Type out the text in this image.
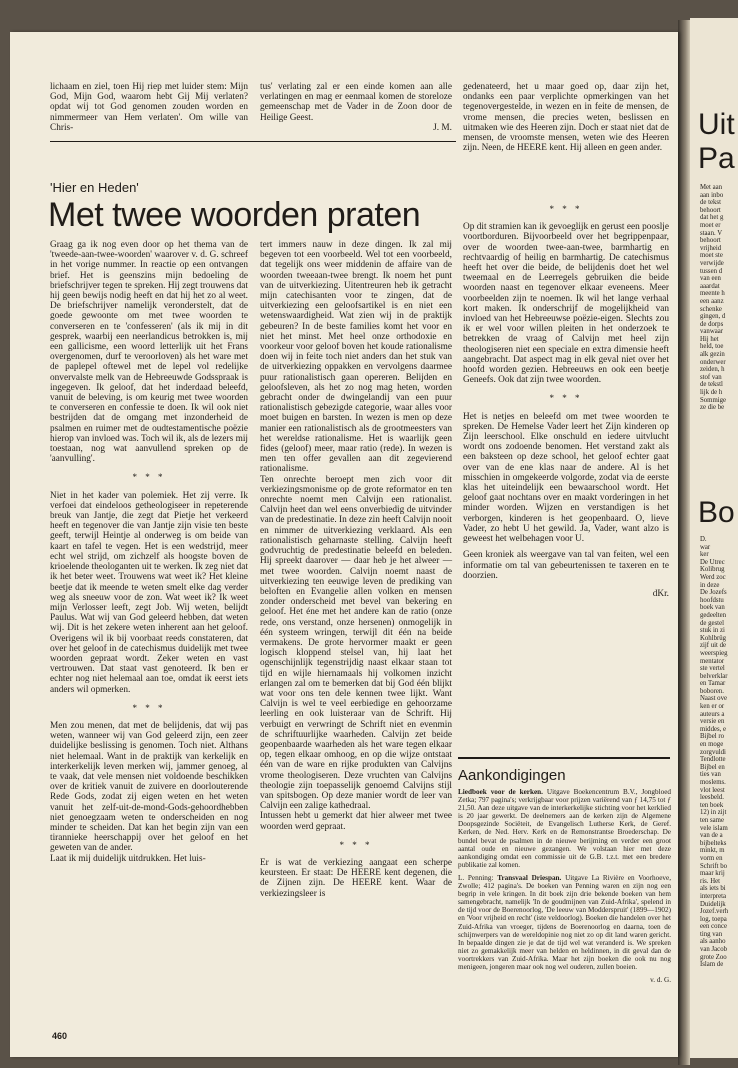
Uit
Pa
Met aan
aan inbo
de tekst
behoort
dat het g
moet er
staan. V
behoort
vrijheid
moet ste
verwijde
tussen d
van een
aaardat
meente h
een aanz
schenke
gingen, d
de dorps
vanwaar
Hij het
held, toe
alk gezin
onderwer
zeiden, h
stof van
de tekstl
lijk de h
Sommige
ze die be
Bo
D.
war
ker
De Utrec
Kolibrug
Werd zoc
in deze
De Jozefs
hoofdstu
boek van
gedeelten
de gestel
stuk in zi
Kohlbrüg
zijf uit de
weerspieg
mentator
ste vertel
belverklar
en Tamar
boboren.
Naast ove
ken er or
auteurs a
versie en
middes, e
Bijbel ro
en moge
zorgvuldi
Tendlotte
Bijbel en
ties van
moslems.
vlot leest
leesbeld.
ten boek
12) in zijt
ten same
vele islam
van de a
bijbelteks
minkt, m
vorm en
Schrift bo
maar krij
ris. Het
als iets bi
interpreta
Duidelijk
Jozef.verh
log, toepa
een conce
ting van
als aanho
van Jacob
grote Zoo
Islam de
lichaam en ziel, toen Hij riep met luider stem: Mijn God, Mijn God, waarom hebt Gij Mij verlaten? opdat wij tot God genomen zouden worden en nimmermeer van Hem verlaten'. Om wille van Chris-
tus' verlating zal er een einde komen aan alle verlatingen en mag er eenmaal komen de storeloze gemeenschap met de Vader in de Zoon door de Heilige Geest.
J. M.
gedenateerd, het u maar goed op, daar zijn het, ondanks een paar verplichte opmerkingen van het tegenovergestelde, in wezen en in feite de mensen, de vrome mensen, die precies weten, beslissen en uitmaken wie des Heeren zijn. Doch er staat niet dat de mensen, de vroomste mensen, weten wie des Heeren zijn. Neen, de HEERE kent. Hij alleen en geen ander.
'Hier en Heden'
Met twee woorden praten

Graag ga ik nog even door op het thema van de 'tweede-aan-twee-woorden' waarover v. d. G. schreef in het vorige nummer. In reactie op een ontvangen brief. Het is geenszins mijn bedoeling de briefschrijver tegen te spreken. Hij zegt trouwens dat hij geen bewijs nodig heeft en dat hij het zo al weet. De briefschrijver namelijk veronderstelt, dat de goede gewoonte om met twee woorden te converseren en te 'confesseren' (als ik mij in dit gesprek, waarbij een neerlandicus betrokken is, mij een gallicisme, een woord letterlijk uit het Frans overgenomen, durf te veroorloven) als het ware met de paplepel oftewel met de lepel vol redelijke onvervalste melk van de Hebreeuwde Godsspraak is ingegeven. Ik geloof, dat het inderdaad beleefd, vanuit de beleving, is om keurig met twee woorden te converseren en confessie te doen. Ik wil ook niet bestrijden dat de omgang met inzonderheid de psalmen en ruimer met de oudtestamentische poëzie hierop van invloed was. Toch wil ik, als de lezers mij toestaan, nog wat aanvullend spreken op de 'aanvulling'.

* * *

Niet in het kader van polemiek. Het zij verre. Ik verfoei dat eindeloos getheologiseer in repeterende breuk van Jantje, die zegt dat Pietje het verkeerd heeft en tegenover die van Jantje zijn visie ten beste geeft, terwijl Heintje al onderweg is om beide van kaart en tafel te vegen. Het is een wedstrijd, meer echt wel strijd, om zichzelf als hoogste boven de krioelende theologanten uit te werken. Ik zeg niet dat ik het beter weet. Trouwens wat weet ik? Het kleine beetje dat ik meende te weten smelt elke dag verder weg als sneeuw voor de zon. Wat weet ik? Ik weet mijn Verlosser leeft, zegt Job. Wij weten, belijdt Paulus. Wat wij van God geleerd hebben, dat weten wij. Dit is het zekere weten inherent aan het geloof. Overigens wil ik bij voorbaat reeds constateren, dat over het geloof in de catechismus duidelijk met twee woorden gepraat wordt. Zeker weten en vast vertrouwen. Dat staat vast genoteerd. Ik ben er echter nog niet helemaal aan toe, omdat ik eerst iets anders wil opmerken.

* * *

Men zou menen, dat met de belijdenis, dat wij pas weten, wanneer wij van God geleerd zijn, een zeer duidelijke beslissing is genomen. Toch niet. Althans niet helemaal. Want in de praktijk van kerkelijk en interkerkelijk leven merken wij, jammer genoeg, al te vaak, dat vele mensen niet voldoende beschikken over de kritiek vanuit de zuivere en doorlouterende Rede Gods, zodat zij eigen weten en het weten vanuit het zelf-uit-de-mond-Gods-gehoordhebben niet genoegzaam weten te onderscheiden en nog minder te scheiden. Dat kan het begin zijn van een tirannieke heerschappij over het geloof en het geweten van de ander.

Laat ik mij duidelijk uitdrukken. Het luis-

tert immers nauw in deze dingen. Ik zal mij begeven tot een voorbeeld. Wel tot een voorbeeld, dat tegelijk ons weer middenin de affaire van de woorden tweeaan-twee brengt. Ik noem het punt van de uitverkiezing. Uitentreuren heb ik getracht mijn catechisanten voor te zingen, dat de uitverkiezing een geloofsartikel is en niet een wetenswaardigheid. Wat zien wij in de praktijk gebeuren? In de beste families komt het voor en niet het minst. Met heel onze orthodoxie en voorkeur voor geloof boven het koude rationalisme doen wij in feite toch niet anders dan het stuk van de uitverkiezing oppakken en vervolgens daarmee puur rationalistisch gaan opereren. Belijden en geloofsleven, als het zo nog mag heten, worden gebracht onder de dwingelandij van een puur rationalistisch gebezigde categorie, waar alles voor moet buigen en barsten. In wezen is men op deze manier een rationalistisch als de grootmeesters van het wereldse rationalisme. Het is waarlijk geen fides (geloof) meer, maar ratio (rede). In wezen is men ten offer gevallen aan dit zegevierend rationalisme.

Ten onrechte beroept men zich voor dit verkiezingsmonisme op de grote reformator en ten onrechte noemt men Calvijn een rationalist. Calvijn heet dan wel eens onverbiedig de uitvinder van de predestinatie. In deze zin heeft Calvijn nooit en nimmer de uitverkiezing verklaard. Als een rationalistisch geharnaste stelling. Calvijn heeft godvruchtig de predestinatie beleefd en beleden. Hij spreekt daarover — daar heb je het alweer — met twee woorden. Calvijn noemt naast de uitverkiezing ten eeuwige leven de prediking van beloften en Evangelie allen volken en mensen zonder onderscheid met bevel van bekering en geloof. Het éne met het andere kan de ratio (onze rede, ons verstand, onze hersenen) onmogelijk in één systeem wringen, terwijl dit één na beide vermakens. De grote hervormer maakt er geen logisch kloppend stelsel van, hij laat het ogenschijnlijk tegenstrijdig naast elkaar staan tot tijd en wijle hiernamaals hij volkomen inzicht erlangen zal om te bemerken dat bij God één blijkt wat voor ons ten dele kennen twee lijkt. Want Calvijn is wel te veel eerbiedige en gehoorzame leerling en ook luisteraar van de Schrift. Hij verbuigt en verwringt de Schrift niet en evenmin de schriftuurlijke waarheden. Calvijn zet beide geopenbaarde waarheden als het ware tegen elkaar op, tegen elkaar omhoog, en op die wijze ontstaat één van de ware en rijke produkten van Calvijns vrome theologiseren. Deze vruchten van Calvijns theologie zijn toepasselijk genoemd Calvijns stijl van spitsbogen. Op deze manier wordt de leer van Calvijn een zalige kathedraal.

Intussen hebt u gemerkt dat hier alweer met twee woorden werd gepraat.

* * *

Er is wat de verkiezing aangaat een scherpe keursteen. Er staat: De HEERE kent degenen, die de Zijnen zijn. De HEERE kent. Waar de verkiezingsleer is

* * *

Op dit stramien kan ik gevoeglijk en gerust een pooslje voortborduren. Bijvoorbeeld over het begrippenpaar, over de woorden twee-aan-twee, barmhartig en rechtvaardig of heilig en barmhartig. De catechismus heeft het over die beide, de belijdenis doet het wel tweemaal en de Leerregels gebruiken die beide woorden naast en tegenover elkaar eveneens. Meer voorbeelden zijn te noemen. Ik wil het lange verhaal kort maken. Ik onderschrijf de mogelijkheid van invloed van het Hebreeuwse poëzie-eigen. Slechts zou ik er wel voor willen pleiten in het onderzoek te betrekken de vraag of Calvijn met heel zijn theologiseren niet een speciale en extra dimensie heeft aangebracht. Dat aspect mag in elk geval niet over het hoofd worden gezien. Hebreeuws en ook een beetje Geneefs. Ook dat zijn twee woorden.

* * *

Het is netjes en beleefd om met twee woorden te spreken. De Hemelse Vader leert het Zijn kinderen op Zijn leerschool. Elke onschuld en iedere uitvlucht wordt ons zodoende benomen. Het verstand zakt als een baksteen op deze school, het geloof echter gaat over van de ene klas naar de andere. Al is het misschien in omgekeerde volgorde, zodat via de eerste klas het uiteindelijk een bewaarschool wordt. Het geloof gaat nochtans over en maakt vorderingen in het minder worden. Wijzen en verstandigen is het verborgen, kinderen is het geopenbaard. O, lieve Vader, zo hebt U het gewild. Ja, Vader, want alzo is geweest het welbehagen voor U.

Geen kroniek als weergave van tal van feiten, wel een informatie om tal van gebeurtenissen te taxeren en te doorzien.

dKr.
Aankondigingen

Liedboek voor de kerken. Uitgave Boekencentrum B.V., Jongbloed Zetka; 797 pagina's; verkrijgbaar voor prijzen variërend van ƒ 14,75 tot ƒ 21,50. Aan deze uitgave van de interkerkelijke stichting voor het kerklied is 20 jaar gewerkt. De deelnemers aan de kerken zijn de Algemene Doopsgezinde Sociëteit, de Evangelisch Lutherse Kerk, de Geref. Kerken, de Ned. Herv. Kerk en de Remonstrantse Broederschap. De bundel bevat de psalmen in de nieuwe berijming en verder een groot aantal oude en nieuwe gezangen. We volstaan hier met deze aankondiging omdat een commissie uit de G.B. t.z.t. met een bredere publikatie zal komen.

L. Penning: Transvaal Driespan. Uitgave La Rivière en Voorhoeve, Zwolle; 412 pagina's. De boeken van Penning waren en zijn nog een begrip in vele kringen. In dit boek zijn drie bekende boeken van hem samengebracht, namelijk 'In de goudmijnen van Zuid-Afrika', spelend in de tijd voor de Boerenoorlog, 'De leeuw van Modderspruit' (1899—1902) en 'Voor vrijheid en recht' (iste veldoorlog). Boeken die handelen over het Zuid-Afrika van vroeger, tijdens de Boerenoorlog en daarna, toen de schijnwerpers van de wereldopinie nog niet zo op dit land waren gericht. In bepaalde dingen zie je dat de tijd wel wat veranderd is. We spreken niet zo gemakkelijk meer van helden en heldinnen, in dit geval dan de voortrekkers van Zuid-Afrika. Maar het zijn boeken die ook nu nog menigeen, jongeren maar ook nog wel ouderen, zullen boeien.

v. d. G.
460
